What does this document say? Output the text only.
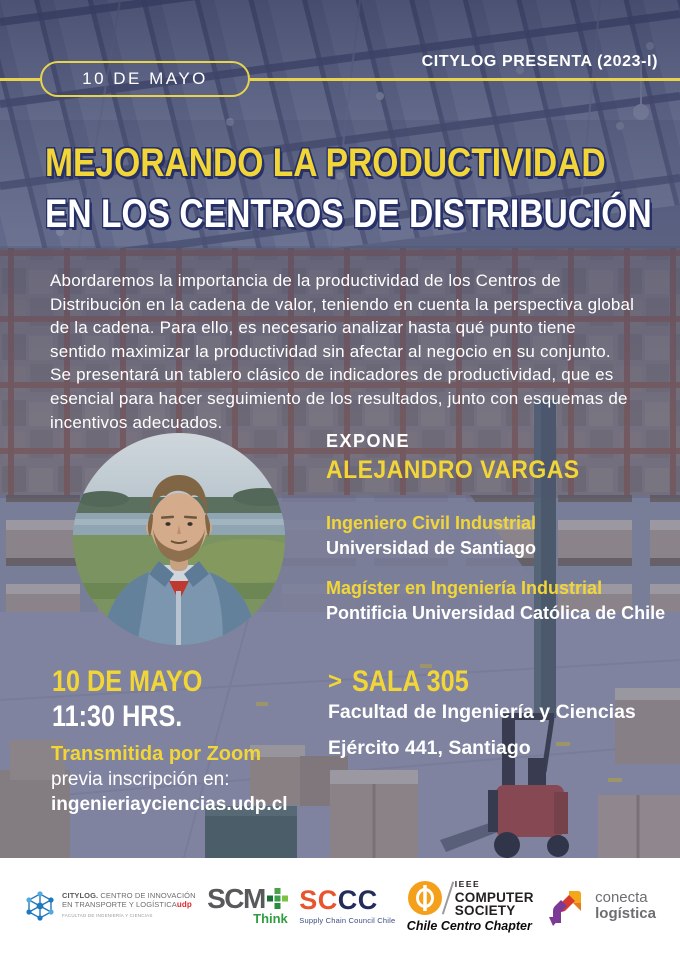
10 DE MAYO
CITYLOG PRESENTA (2023-I)
MEJORANDO LA PRODUCTIVIDAD
EN LOS CENTROS DE DISTRIBUCIÓN

Abordaremos la importancia de la productividad de los Centros de Distribución en la cadena de valor, teniendo en cuenta la perspectiva global de la cadena. Para ello, es necesario analizar hasta qué punto tiene sentido maximizar la productividad sin afectar al negocio en su conjunto. Se presentará un tablero clásico de indicadores de productividad, que es esencial para hacer seguimiento de los resultados, junto con esquemas de incentivos adecuados.

EXPONE
ALEJANDRO VARGAS
Ingeniero Civil Industrial
Universidad de Santiago
Magíster en Ingeniería Industrial
Pontificia Universidad Católica de Chile
10 DE MAYO
11:30 HRS.
Transmitida por Zoom
previa inscripción en:
ingenieriayciencias.udp.cl
> SALA 305
Facultad de Ingeniería y Ciencias
Ejército 441, Santiago
CITYLOG. CENTRO DE INNOVACIÓN
EN TRANSPORTE Y LOGÍSTICAudp
FACULTAD DE INGENIERÍA Y CIENCIAS
SCM
Think
SCCC
Supply Chain Council Chile
IEEE
COMPUTER
SOCIETY
Chile Centro Chapter
conecta
logística
